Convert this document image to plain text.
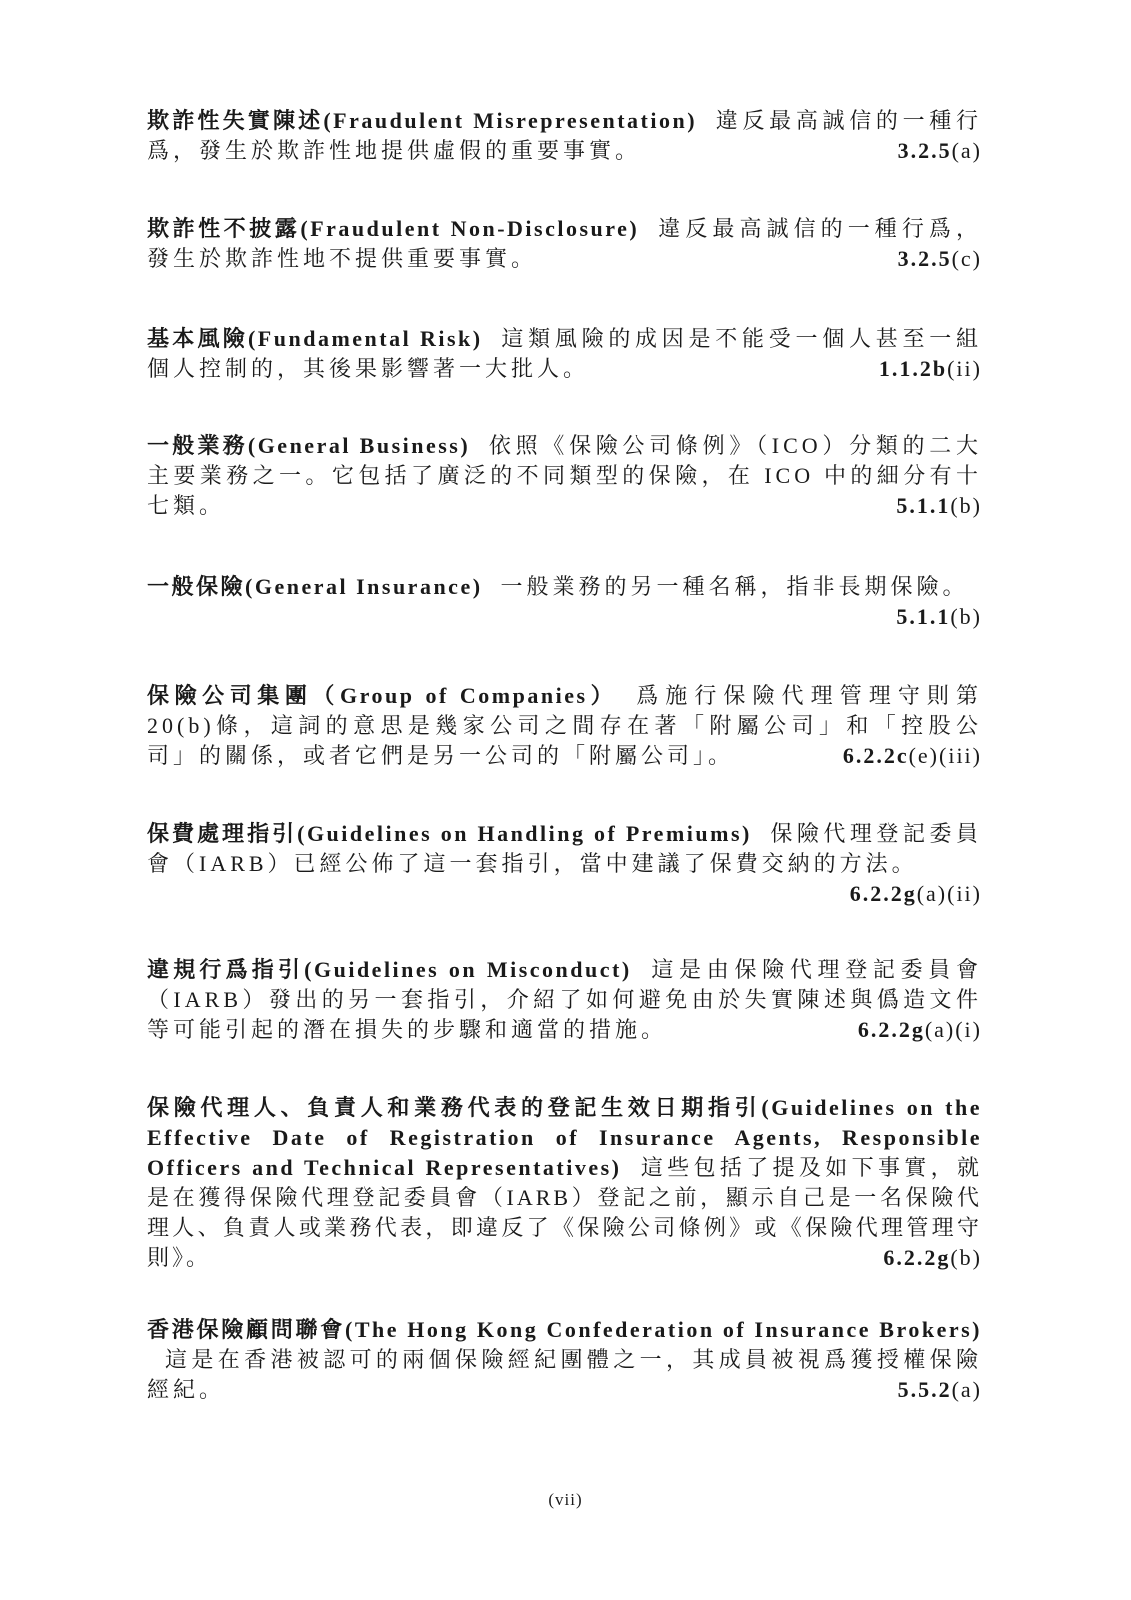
欺詐性失實陳述(Fraudulent Misrepresentation) 違反最高誠信的一種行爲，發生於欺詐性地提供虛假的重要事實。	3.2.5(a)

欺詐性不披露(Fraudulent Non-Disclosure) 違反最高誠信的一種行爲，發生於欺詐性地不提供重要事實。	3.2.5(c)

基本風險(Fundamental Risk) 這類風險的成因是不能受一個人甚至一組個人控制的，其後果影響著一大批人。	1.1.2b(ii)

一般業務(General Business) 依照《保險公司條例》（ICO）分類的二大主要業務之一。它包括了廣泛的不同類型的保險，在 ICO 中的細分有十七類。	5.1.1(b)

一般保險(General Insurance) 一般業務的另一種名稱，指非長期保險。
5.1.1(b)

保險公司集團（Group of Companies） 爲施行保險代理管理守則第20(b)條，這詞的意思是幾家公司之間存在著「附屬公司」和「控股公司」的關係，或者它們是另一公司的「附屬公司」。	6.2.2c(e)(iii)

保費處理指引(Guidelines on Handling of Premiums) 保險代理登記委員會（IARB）已經公佈了這一套指引，當中建議了保費交納的方法。
6.2.2g(a)(ii)

違規行爲指引(Guidelines on Misconduct) 這是由保險代理登記委員會（IARB）發出的另一套指引，介紹了如何避免由於失實陳述與僞造文件等可能引起的潛在損失的步驟和適當的措施。	6.2.2g(a)(i)

保險代理人、負責人和業務代表的登記生效日期指引(Guidelines on the Effective Date of Registration of Insurance Agents, Responsible Officers and Technical Representatives) 這些包括了提及如下事實，就是在獲得保險代理登記委員會（IARB）登記之前，顯示自己是一名保險代理人、負責人或業務代表，即違反了《保險公司條例》或《保險代理管理守則》。	6.2.2g(b)

香港保險顧問聯會(The Hong Kong Confederation of Insurance Brokers)這是在香港被認可的兩個保險經紀團體之一，其成員被視爲獲授權保險經紀。	5.5.2(a)

(vii)
